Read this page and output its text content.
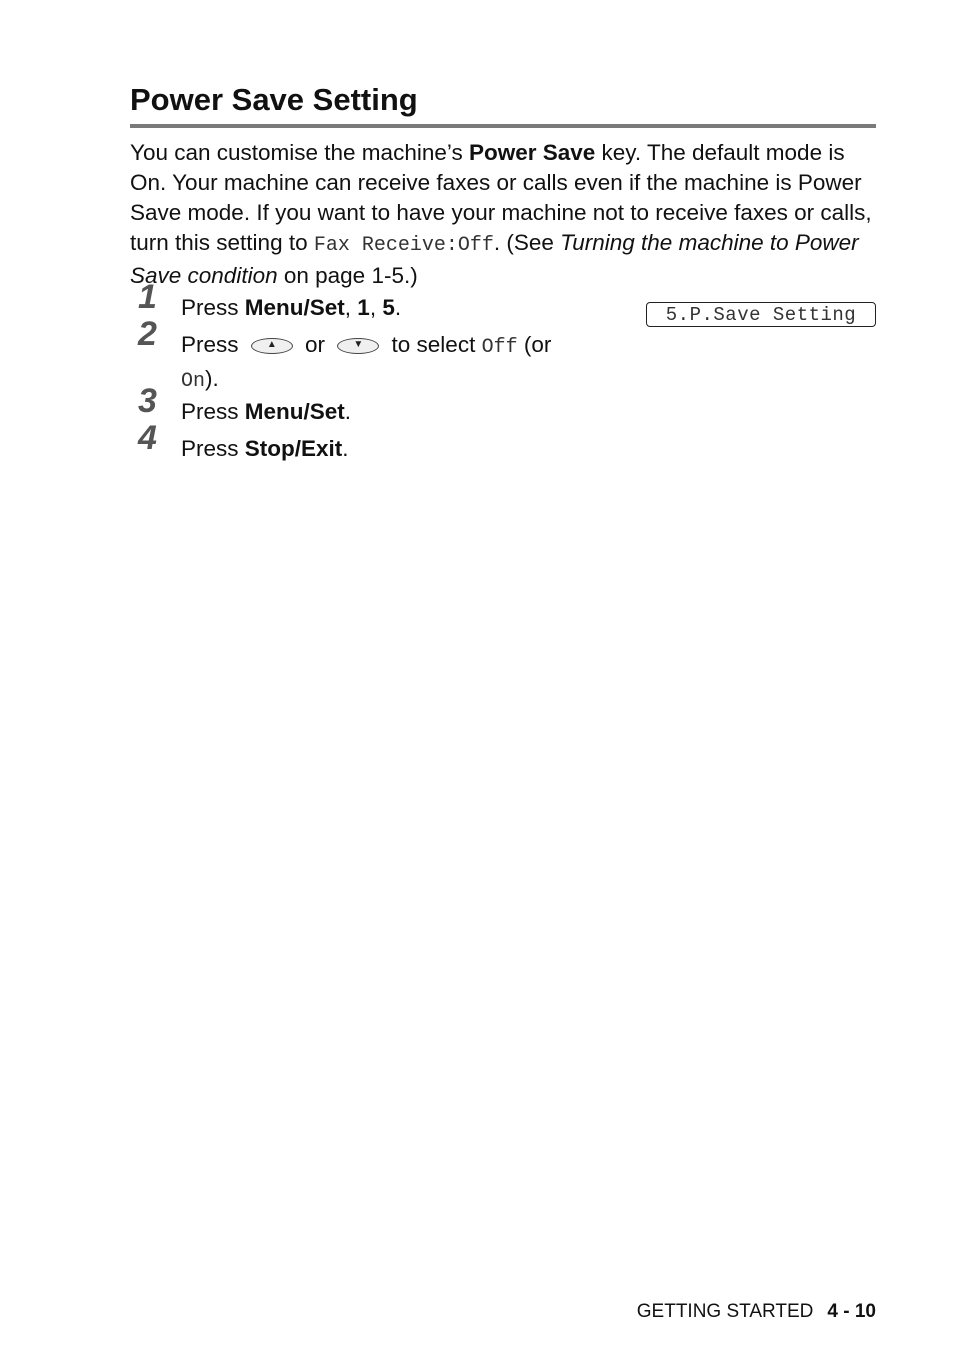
Power Save Setting

You can customise the machine’s Power Save key. The default mode is On. Your machine can receive faxes or calls even if the machine is Power Save mode. If you want to have your machine not to receive faxes or calls, turn this setting to Fax Receive:Off. (See Turning the machine to Power Save condition on page 1-5.)

5.P.Save Setting
1 Press Menu/Set, 1, 5.
2 Press	▲ or	▼ to select Off (or
On).
3 Press Menu/Set.
4 Press Stop/Exit.
GETTING STARTED 4 - 10
